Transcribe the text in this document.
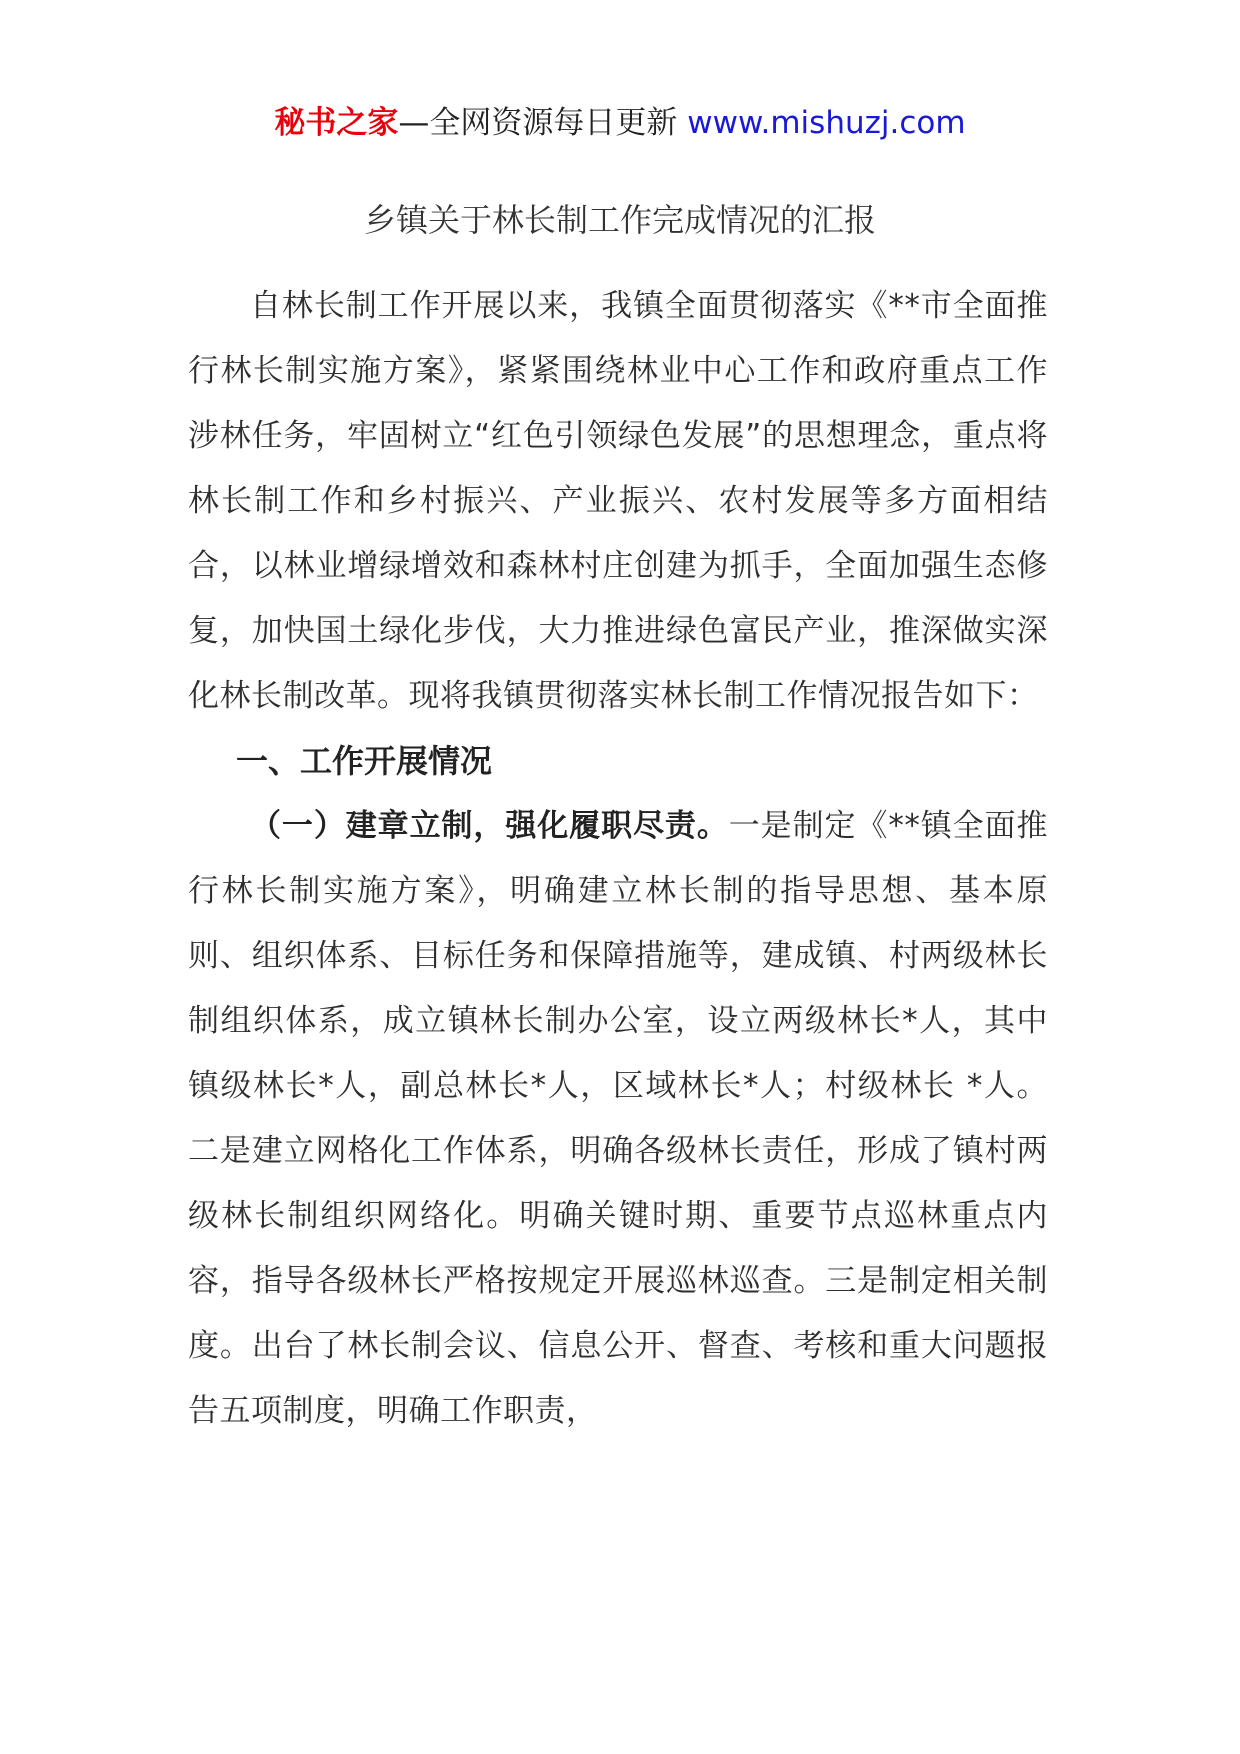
秘书之家—全网资源每日更新 www.mishuzj.com
乡镇关于林长制工作完成情况的汇报

自林长制工作开展以来，我镇全面贯彻落实《**市全面推行林长制实施方案》，紧紧围绕林业中心工作和政府重点工作涉林任务，牢固树立“红色引领绿色发展”的思想理念，重点将林长制工作和乡村振兴、产业振兴、农村发展等多方面相结合，以林业增绿增效和森林村庄创建为抓手，全面加强生态修复，加快国土绿化步伐，大力推进绿色富民产业，推深做实深化林长制改革。现将我镇贯彻落实林长制工作情况报告如下：

一、工作开展情况

（一）建章立制，强化履职尽责。一是制定《**镇全面推行林长制实施方案》，明确建立林长制的指导思想、基本原则、组织体系、目标任务和保障措施等，建成镇、村两级林长制组织体系，成立镇林长制办公室，设立两级林长*人，其中镇级林长*人，副总林长*人，区域林长*人；村级林长 *人。二是建立网格化工作体系，明确各级林长责任，形成了镇村两级林长制组织网络化。明确关键时期、重要节点巡林重点内容，指导各级林长严格按规定开展巡林巡查。三是制定相关制度。出台了林长制会议、信息公开、督查、考核和重大问题报告五项制度，明确工作职责，
